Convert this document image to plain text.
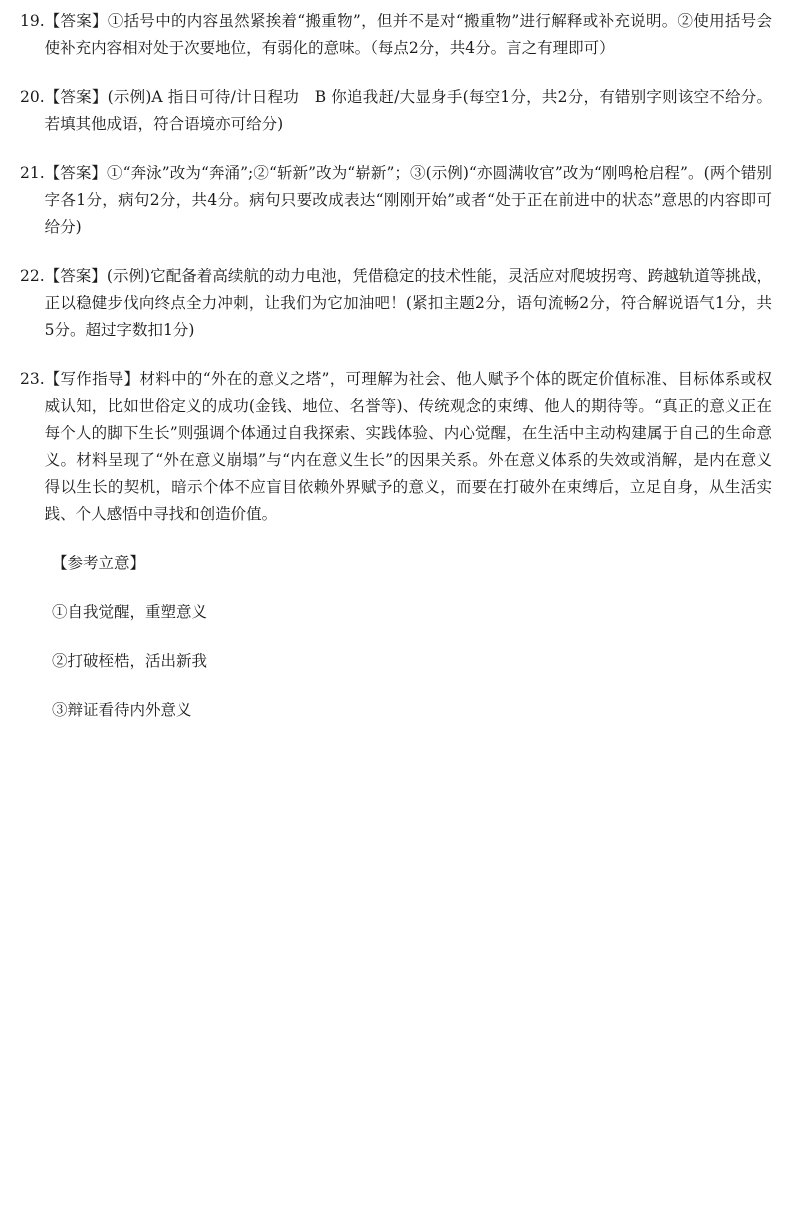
19. 【答案】①括号中的内容虽然紧挨着“搬重物”，但并不是对“搬重物”进行解释或补充说明。②使用括号会使补充内容相对处于次要地位，有弱化的意味。（每点2分，共4分。言之有理即可）
20. 【答案】(示例)A 指日可待/计日程功　B 你追我赶/大显身手(每空1分，共2分，有错别字则该空不给分。若填其他成语，符合语境亦可给分)
21. 【答案】①“奔泳”改为“奔涌”;②“斩新”改为“崭新”；③(示例)“亦圆满收官”改为“刚鸣枪启程”。(两个错别字各1分，病句2分，共4分。病句只要改成表达“刚刚开始”或者“处于正在前进中的状态”意思的内容即可给分)
22. 【答案】(示例)它配备着高续航的动力电池，凭借稳定的技术性能，灵活应对爬坡拐弯、跨越轨道等挑战，正以稳健步伐向终点全力冲刺，让我们为它加油吧！(紧扣主题2分，语句流畅2分，符合解说语气1分，共5分。超过字数扣1分)
23. 【写作指导】材料中的“外在的意义之塔”，可理解为社会、他人赋予个体的既定价值标准、目标体系或权威认知，比如世俗定义的成功(金钱、地位、名誉等)、传统观念的束缚、他人的期待等。“真正的意义正在每个人的脚下生长”则强调个体通过自我探索、实践体验、内心觉醒，在生活中主动构建属于自己的生命意义。材料呈现了“外在意义崩塌”与“内在意义生长”的因果关系。外在意义体系的失效或消解，是内在意义得以生长的契机，暗示个体不应盲目依赖外界赋予的意义，而要在打破外在束缚后，立足自身，从生活实践、个人感悟中寻找和创造价值。
【参考立意】
①自我觉醒，重塑意义
②打破桎梏，活出新我
③辩证看待内外意义
